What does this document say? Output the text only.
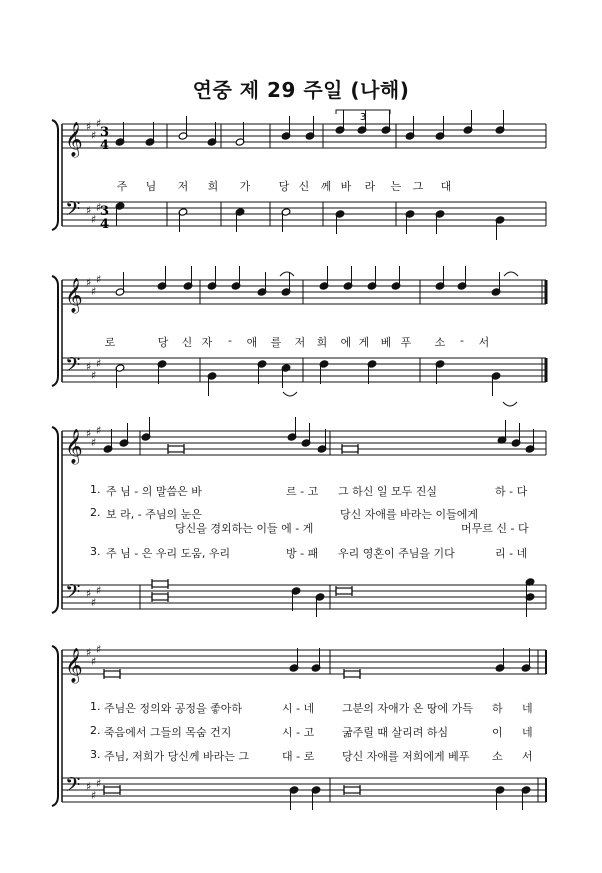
연중 제 29 주일 (나해)
𝄞
𝄢
♯
♯
♯
♯
♯
♯
𝄞
𝄢
♯
♯
♯
♯
♯
♯
𝄞
𝄢
♯
♯
♯
♯
♯
♯
𝄞
𝄢
♯
♯
♯
♯
♯
♯
3
4
3
4
3
주 님 저 희 가	당 신 께 바 라 는 그 대
로	당 신 자 - 애 를 저 희 에 게 베 푸 소 - 서
1. 주 님 - 의 말씀은 바	르 - 고 그 하신 일 모두 진실	하 - 다
2. 보 라, - 주님의 눈은	당신 자애를 바라는 이들에게
당신을 경외하는 이들 에 - 게	머무르 신 - 다
3. 주 님 - 은 우리 도움, 우리	방 - 패 우리 영혼이 주님을 기다	리 - 네
1. 주님은 정의와 공정을 좋아하	시 - 네	그분의 자애가 온 땅에 가득 하 네
2. 죽음에서 그들의 목숨 건지	시 - 고	굶주릴 때 살리려 하심	이 네
3. 주님, 저희가 당신께 바라는 그	대 - 로	당신 자애를 저희에게 베푸 소 서
